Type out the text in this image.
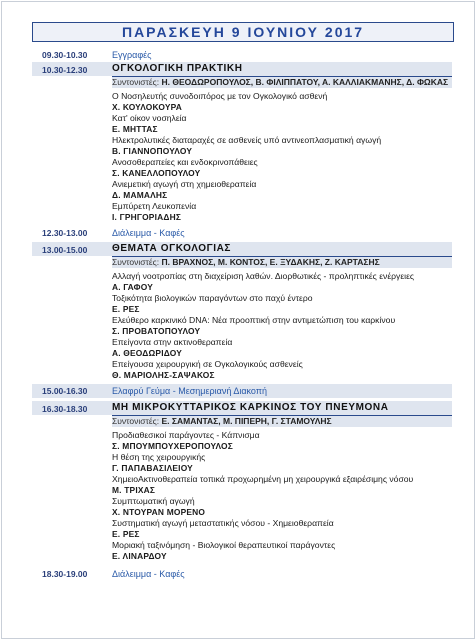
ΠΑΡΑΣΚΕΥΗ 9 ΙΟΥΝΙΟΥ 2017
09.30-10.30	Εγγραφές
10.30-12.30 ΟΓΚΟΛΟΓΙΚΗ ΠΡΑΚΤΙΚΗ
Συντονιστές: Η. ΘΕΟΔΩΡΟΠΟΥΛΟΣ, Β. ΦΙΛΙΠΠΑΤΟΥ, Α. ΚΑΛΛΙΑΚΜΑΝΗΣ, Δ. ΦΩΚΑΣ
Ο Νοσηλευτής συνοδοιπόρος με τον Ογκολογικό ασθενή
Χ. ΚΟΥΛΟΚΟΥΡΑ
Κατ' οίκον νοσηλεία
Ε. ΜΗΤΤΑΣ
Ηλεκτρολυτικές διαταραχές σε ασθενείς υπό αντινεοπλασματική αγωγή
Β. ΓΙΑΝΝΟΠΟΥΛΟΥ
Ανοσοθεραπείες και ενδοκρινοπάθειες
Σ. ΚΑΝΕΛΛΟΠΟΥΛΟΥ
Ανιεμετική αγωγή στη χημειοθεραπεία
Δ. ΜΑΜΑΛΗΣ
Εμπύρετη Λευκοπενία
Ι. ΓΡΗΓΟΡΙΑΔΗΣ
12.30-13.00	Διάλειμμα - Καφές
13.00-15.00 ΘΕΜΑΤΑ ΟΓΚΟΛΟΓΙΑΣ
Συντονιστές: Π. ΒΡΑΧΝΟΣ, Μ. ΚΟΝΤΟΣ, Ε. ΞΥΔΑΚΗΣ, Ζ. ΚΑΡΤΑΣΗΣ
Αλλαγή νοοτροπίας στη διαχείριση λαθών. Διορθωτικές - προληπτικές ενέργειες
Α. ΓΑΦΟΥ
Τοξικότητα βιολογικών παραγόντων στο παχύ έντερο
Ε. ΡΕΣ
Ελεύθερο καρκινικό DNA: Νέα προοπτική στην αντιμετώπιση του καρκίνου
Σ. ΠΡΟΒΑΤΟΠΟΥΛΟΥ
Επείγοντα στην ακτινοθεραπεία
Α. ΘΕΟΔΩΡΙΔΟΥ
Επείγουσα χειρουργική σε Ογκολογικούς ασθενείς
Θ. ΜΑΡΙΟΛΗΣ-ΣΑΨΑΚΟΣ
15.00-16.30	Ελαφρύ Γεύμα - Μεσημεριανή Διακοπή
16.30-18.30 ΜΗ ΜΙΚΡΟΚΥΤΤΑΡΙΚΟΣ ΚΑΡΚΙΝΟΣ ΤΟΥ ΠΝΕΥΜΟΝΑ
Συντονιστές: Ε. ΣΑΜΑΝΤΑΣ, Μ. ΠΙΠΕΡΗ, Γ. ΣΤΑΜΟΥΛΗΣ
Προδιαθεσικοί παράγοντες - Κάπνισμα
Σ. ΜΠΟΥΜΠΟΥΧΕΡΟΠΟΥΛΟΣ
Η θέση της χειρουργικής
Γ. ΠΑΠΑΒΑΣΙΛΕΙΟΥ
ΧημειοΑκτινοθεραπεία τοπικά προχωρημένη μη χειρουργικά εξαιρέσιμης νόσου
Μ. ΤΡΙΧΑΣ
Συμπτωματική αγωγή
Χ. ΝΤΟΥΡΑΝ ΜΟΡΕΝΟ
Συστηματική αγωγή μεταστατικής νόσου - Χημειοθεραπεία
Ε. ΡΕΣ
Μοριακή ταξινόμηση - Βιολογικοί θεραπευτικοί παράγοντες
Ε. ΛΙΝΑΡΔΟΥ
18.30-19.00	Διάλειμμα - Καφές
